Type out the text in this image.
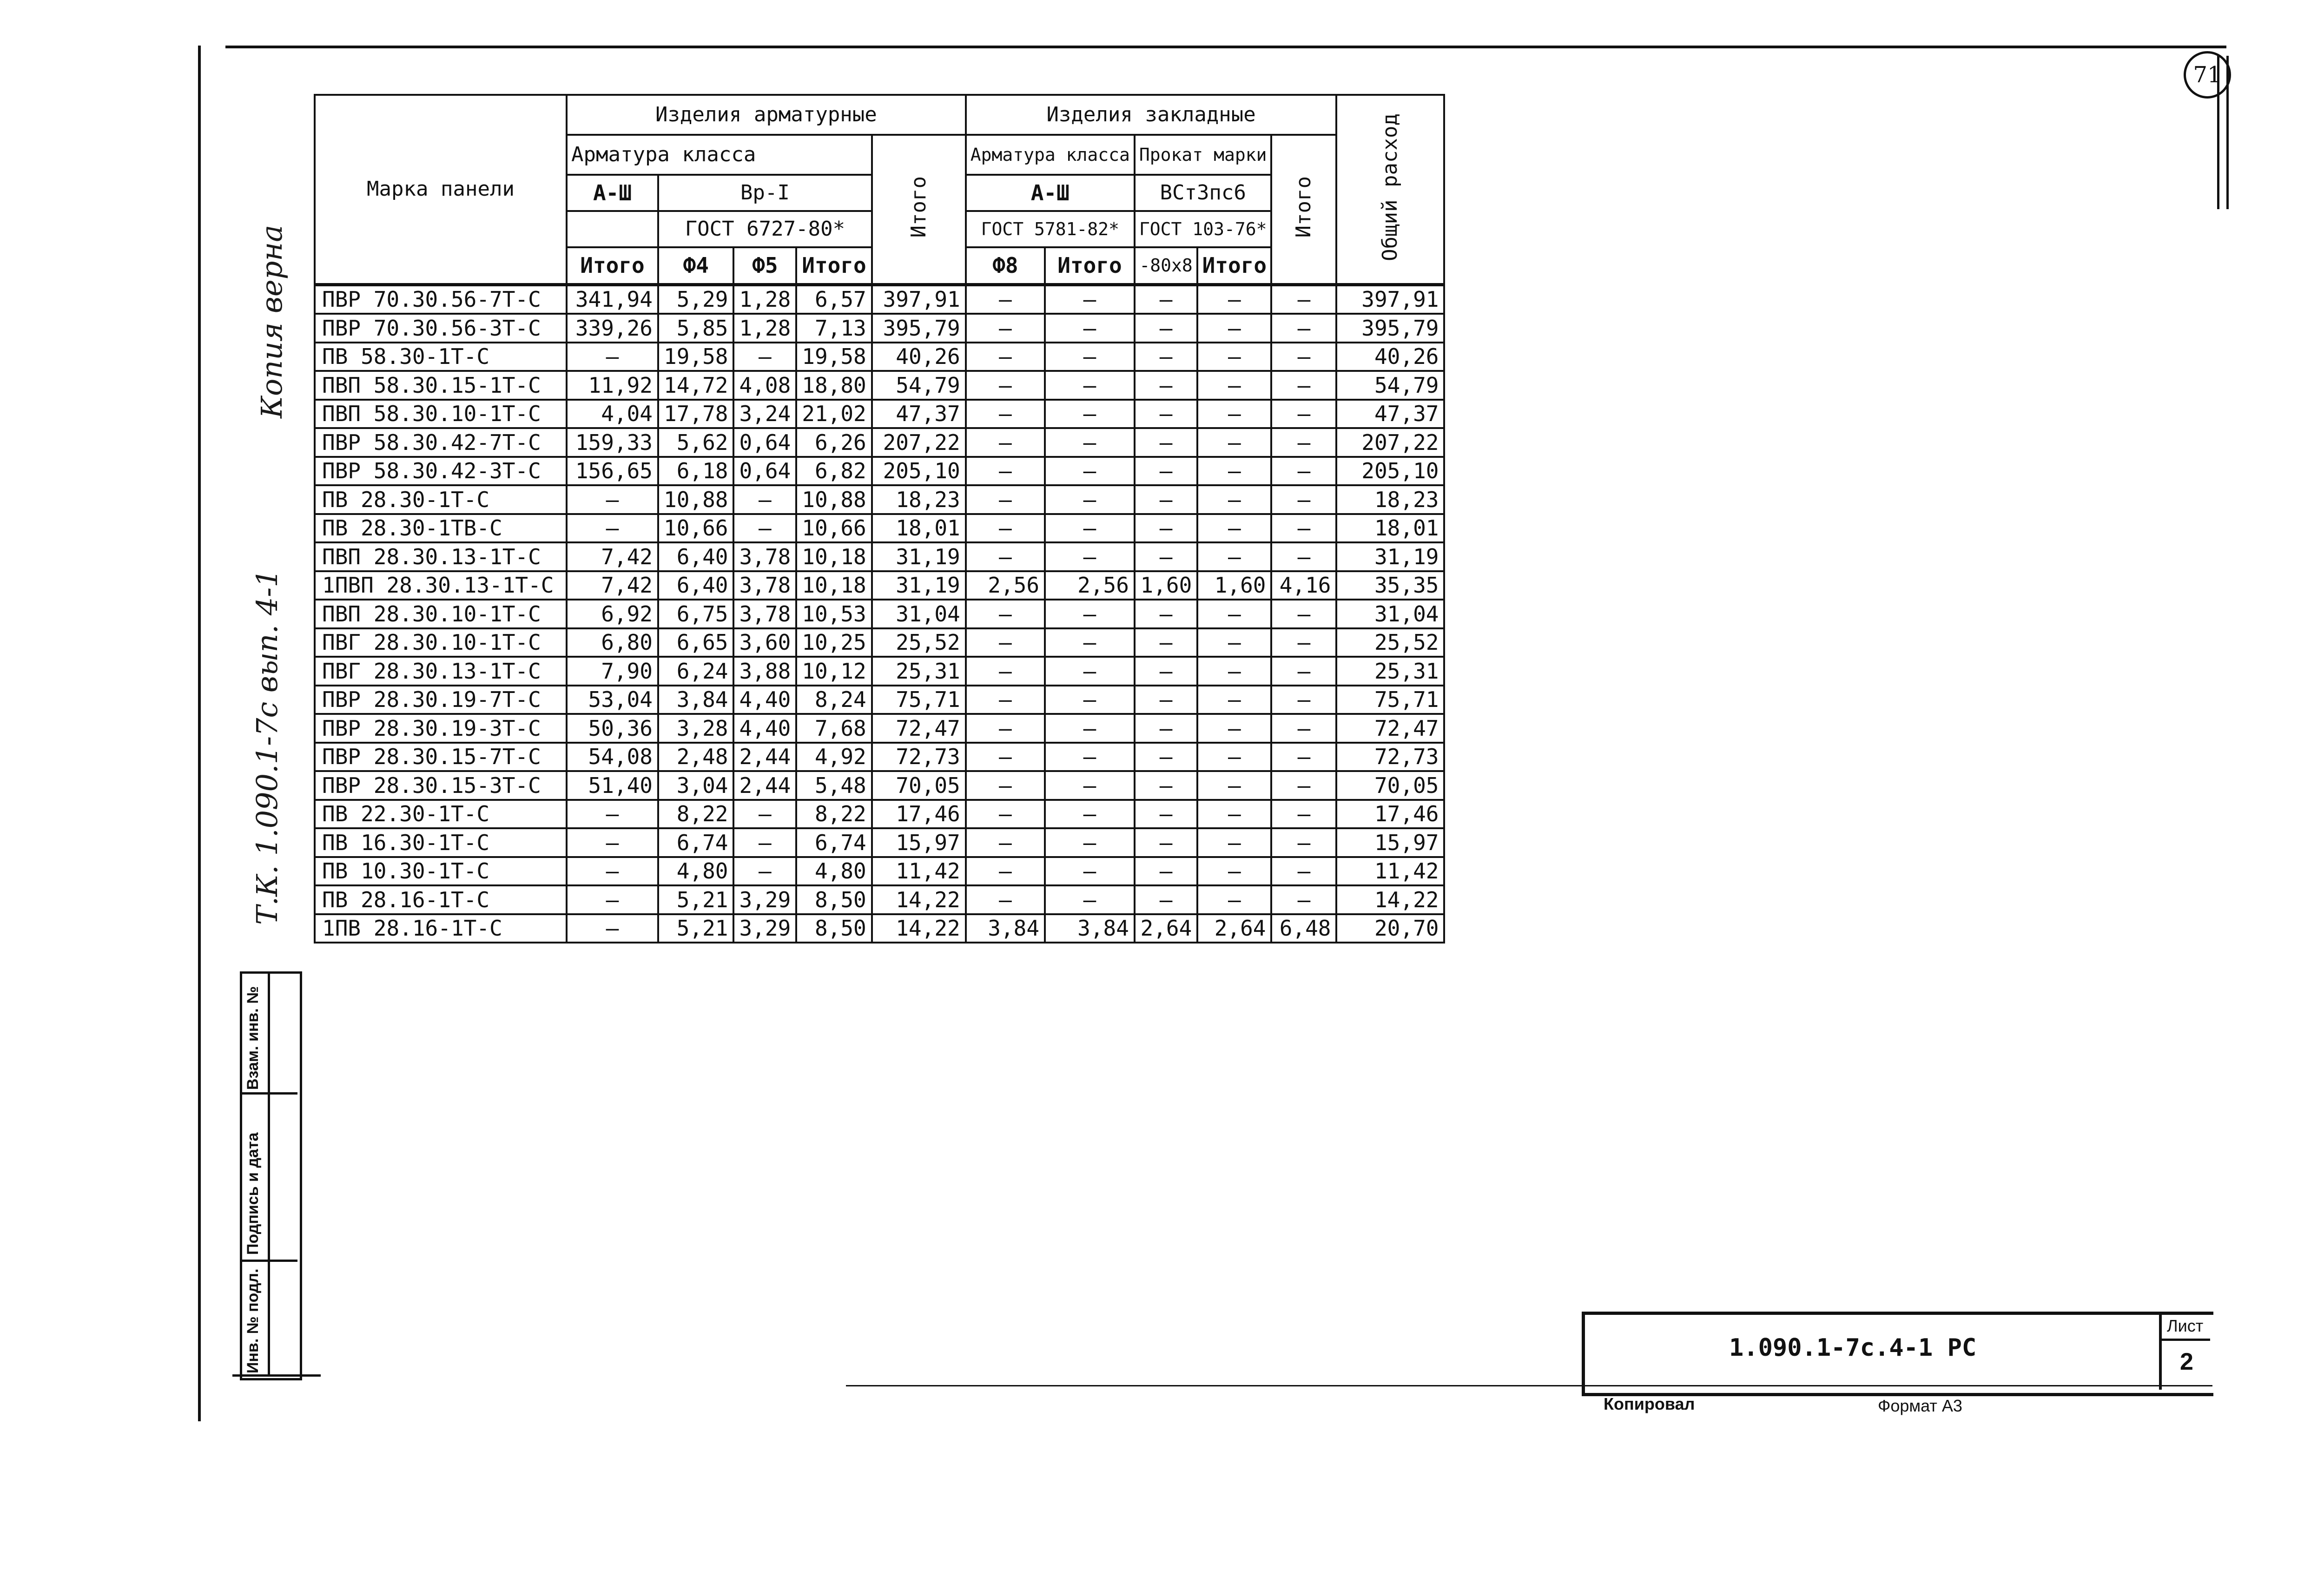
71
Копия верна
Т.К. 1.090.1-7с вып. 4-1
Взам. инв. №
Подпись и дата
Инв. № подл.
Марка панели	Изделия арматурные					Изделия закладные					Общий расход
	Арматура класса				Итого	Арматура класса		Прокат марки		Итого	
	А-Ш	Вр-I				А-Ш		ВСт3пс6			
		ГОСТ 6727-80*				ГОСТ 5781-82*		ГОСТ 103-76*			
	Итого	Ф4	Ф5	Итого		Ф8	Итого	-80х8	Итого		
ПВР 70.30.56-7Т-С	341,94	5,29	1,28	6,57	397,91	–	–	–	–	–	397,91
ПВР 70.30.56-3Т-С	339,26	5,85	1,28	7,13	395,79	–	–	–	–	–	395,79
ПВ 58.30-1Т-С	–	19,58	–	19,58	40,26	–	–	–	–	–	40,26
ПВП 58.30.15-1Т-С	11,92	14,72	4,08	18,80	54,79	–	–	–	–	–	54,79
ПВП 58.30.10-1Т-С	4,04	17,78	3,24	21,02	47,37	–	–	–	–	–	47,37
ПВР 58.30.42-7Т-С	159,33	5,62	0,64	6,26	207,22	–	–	–	–	–	207,22
ПВР 58.30.42-3Т-С	156,65	6,18	0,64	6,82	205,10	–	–	–	–	–	205,10
ПВ 28.30-1Т-С	–	10,88	–	10,88	18,23	–	–	–	–	–	18,23
ПВ 28.30-1ТВ-С	–	10,66	–	10,66	18,01	–	–	–	–	–	18,01
ПВП 28.30.13-1Т-С	7,42	6,40	3,78	10,18	31,19	–	–	–	–	–	31,19
1ПВП 28.30.13-1Т-С	7,42	6,40	3,78	10,18	31,19	2,56	2,56	1,60	1,60	4,16	35,35
ПВП 28.30.10-1Т-С	6,92	6,75	3,78	10,53	31,04	–	–	–	–	–	31,04
ПВГ 28.30.10-1Т-С	6,80	6,65	3,60	10,25	25,52	–	–	–	–	–	25,52
ПВГ 28.30.13-1Т-С	7,90	6,24	3,88	10,12	25,31	–	–	–	–	–	25,31
ПВР 28.30.19-7Т-С	53,04	3,84	4,40	8,24	75,71	–	–	–	–	–	75,71
ПВР 28.30.19-3Т-С	50,36	3,28	4,40	7,68	72,47	–	–	–	–	–	72,47
ПВР 28.30.15-7Т-С	54,08	2,48	2,44	4,92	72,73	–	–	–	–	–	72,73
ПВР 28.30.15-3Т-С	51,40	3,04	2,44	5,48	70,05	–	–	–	–	–	70,05
ПВ 22.30-1Т-С	–	8,22	–	8,22	17,46	–	–	–	–	–	17,46
ПВ 16.30-1Т-С	–	6,74	–	6,74	15,97	–	–	–	–	–	15,97
ПВ 10.30-1Т-С	–	4,80	–	4,80	11,42	–	–	–	–	–	11,42
ПВ 28.16-1Т-С	–	5,21	3,29	8,50	14,22	–	–	–	–	–	14,22
1ПВ 28.16-1Т-С	–	5,21	3,29	8,50	14,22	3,84	3,84	2,64	2,64	6,48	20,70
1.090.1-7с.4-1 РС
Лист
2
Копировал	Формат А3
